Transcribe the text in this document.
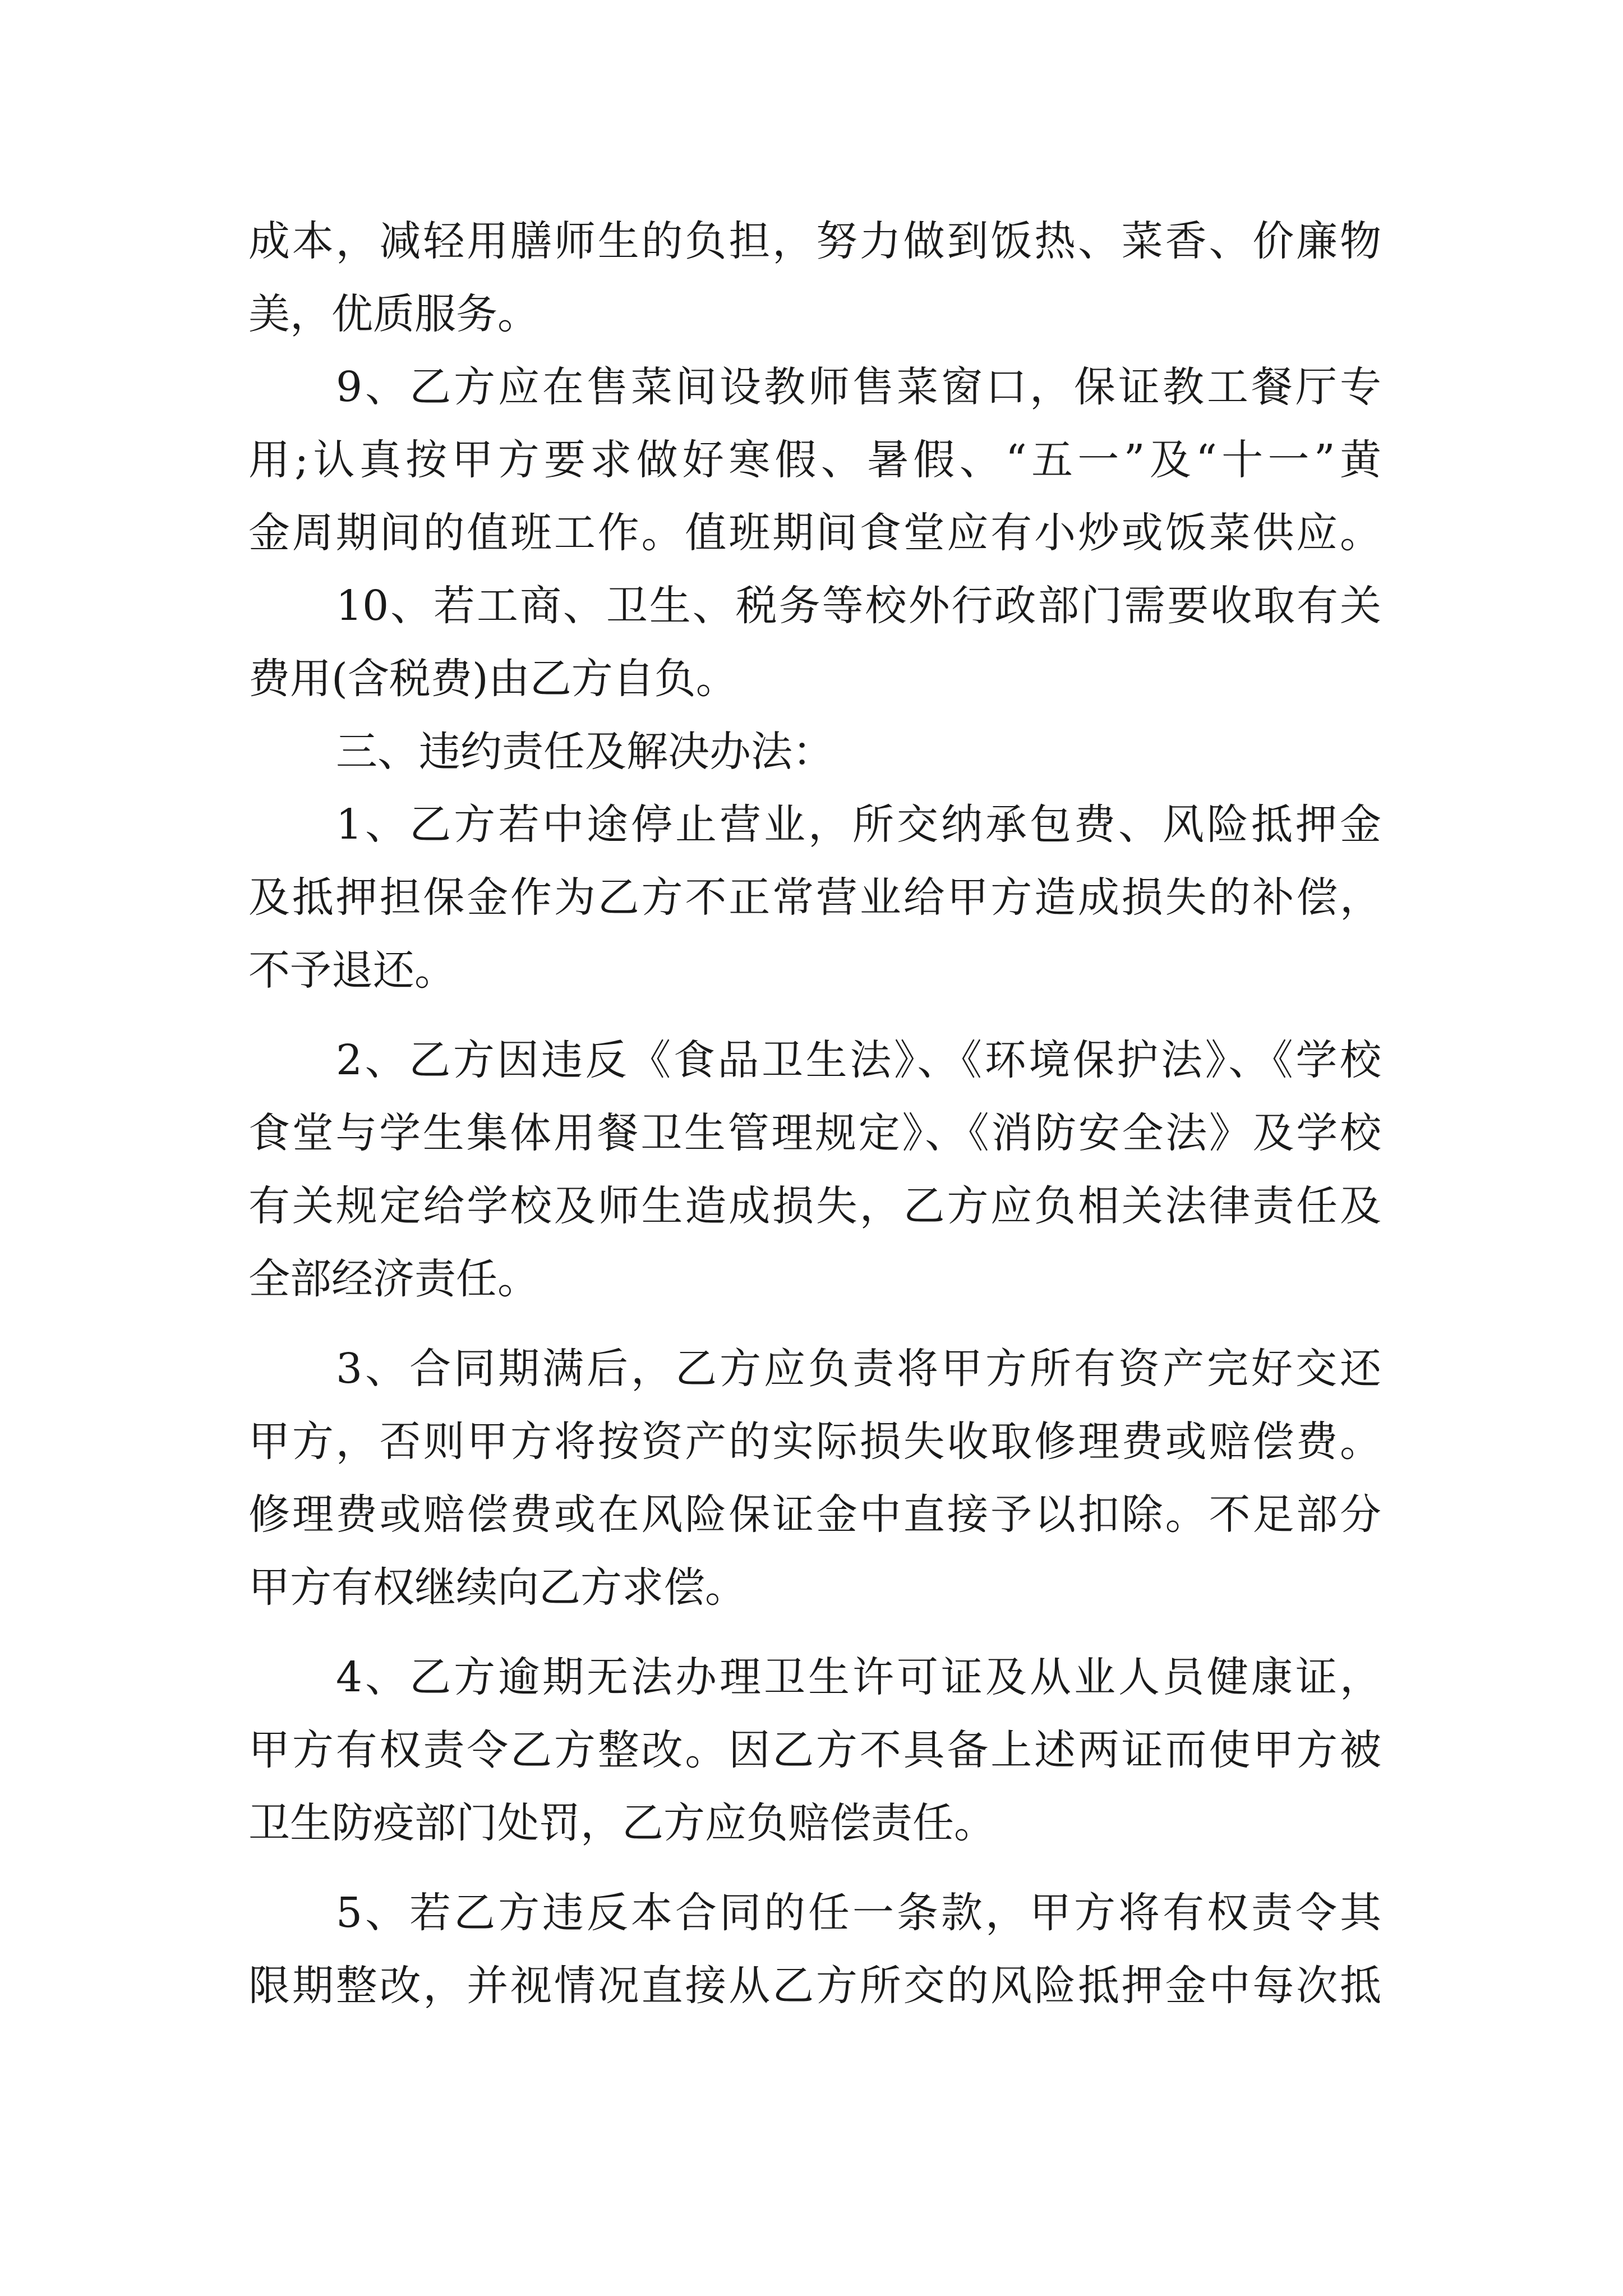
成本，减轻用膳师生的负担，努力做到饭热、菜香、价廉物
美，优质服务。
9、乙方应在售菜间设教师售菜窗口，保证教工餐厅专
用;认真按甲方要求做好寒假、暑假、“五一”及“十一”黄
金周期间的值班工作。值班期间食堂应有小炒或饭菜供应。
10、若工商、卫生、税务等校外行政部门需要收取有关
费用(含税费)由乙方自负。
三、违约责任及解决办法：
1、乙方若中途停止营业，所交纳承包费、风险抵押金
及抵押担保金作为乙方不正常营业给甲方造成损失的补偿，
不予退还。
2、乙方因违反《食品卫生法》、《环境保护法》、《学校
食堂与学生集体用餐卫生管理规定》、《消防安全法》及学校
有关规定给学校及师生造成损失，乙方应负相关法律责任及
全部经济责任。
3、合同期满后，乙方应负责将甲方所有资产完好交还
甲方，否则甲方将按资产的实际损失收取修理费或赔偿费。
修理费或赔偿费或在风险保证金中直接予以扣除。不足部分
甲方有权继续向乙方求偿。
4、乙方逾期无法办理卫生许可证及从业人员健康证，
甲方有权责令乙方整改。因乙方不具备上述两证而使甲方被
卫生防疫部门处罚，乙方应负赔偿责任。
5、若乙方违反本合同的任一条款，甲方将有权责令其
限期整改，并视情况直接从乙方所交的风险抵押金中每次抵
